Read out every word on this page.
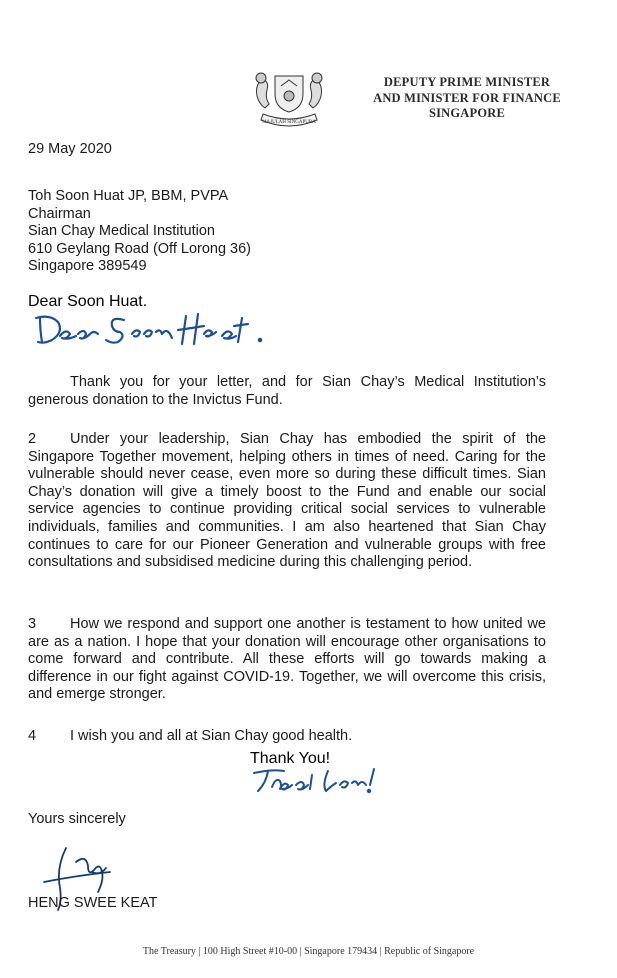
MAJULAH SINGAPURA
DEPUTY PRIME MINISTER
AND MINISTER FOR FINANCE
SINGAPORE
29 May 2020
Toh Soon Huat JP, BBM, PVPA
Chairman
Sian Chay Medical Institution
610 Geylang Road (Off Lorong 36)
Singapore 389549
Dear Soon Huat.
Thank you for your letter, and for Sian Chay’s Medical Institution’s generous donation to the Invictus Fund.
2 Under your leadership, Sian Chay has embodied the spirit of the Singapore Together movement, helping others in times of need. Caring for the vulnerable should never cease, even more so during these difficult times. Sian Chay’s donation will give a timely boost to the Fund and enable our social service agencies to continue providing critical social services to vulnerable individuals, families and communities. I am also heartened that Sian Chay continues to care for our Pioneer Generation and vulnerable groups with free consultations and subsidised medicine during this challenging period.
3 How we respond and support one another is testament to how united we are as a nation. I hope that your donation will encourage other organisations to come forward and contribute. All these efforts will go towards making a difference in our fight against COVID-19. Together, we will overcome this crisis, and emerge stronger.
4 I wish you and all at Sian Chay good health.
Thank You!
Yours sincerely
HENG SWEE KEAT
The Treasury | 100 High Street #10-00 | Singapore 179434 | Republic of Singapore
